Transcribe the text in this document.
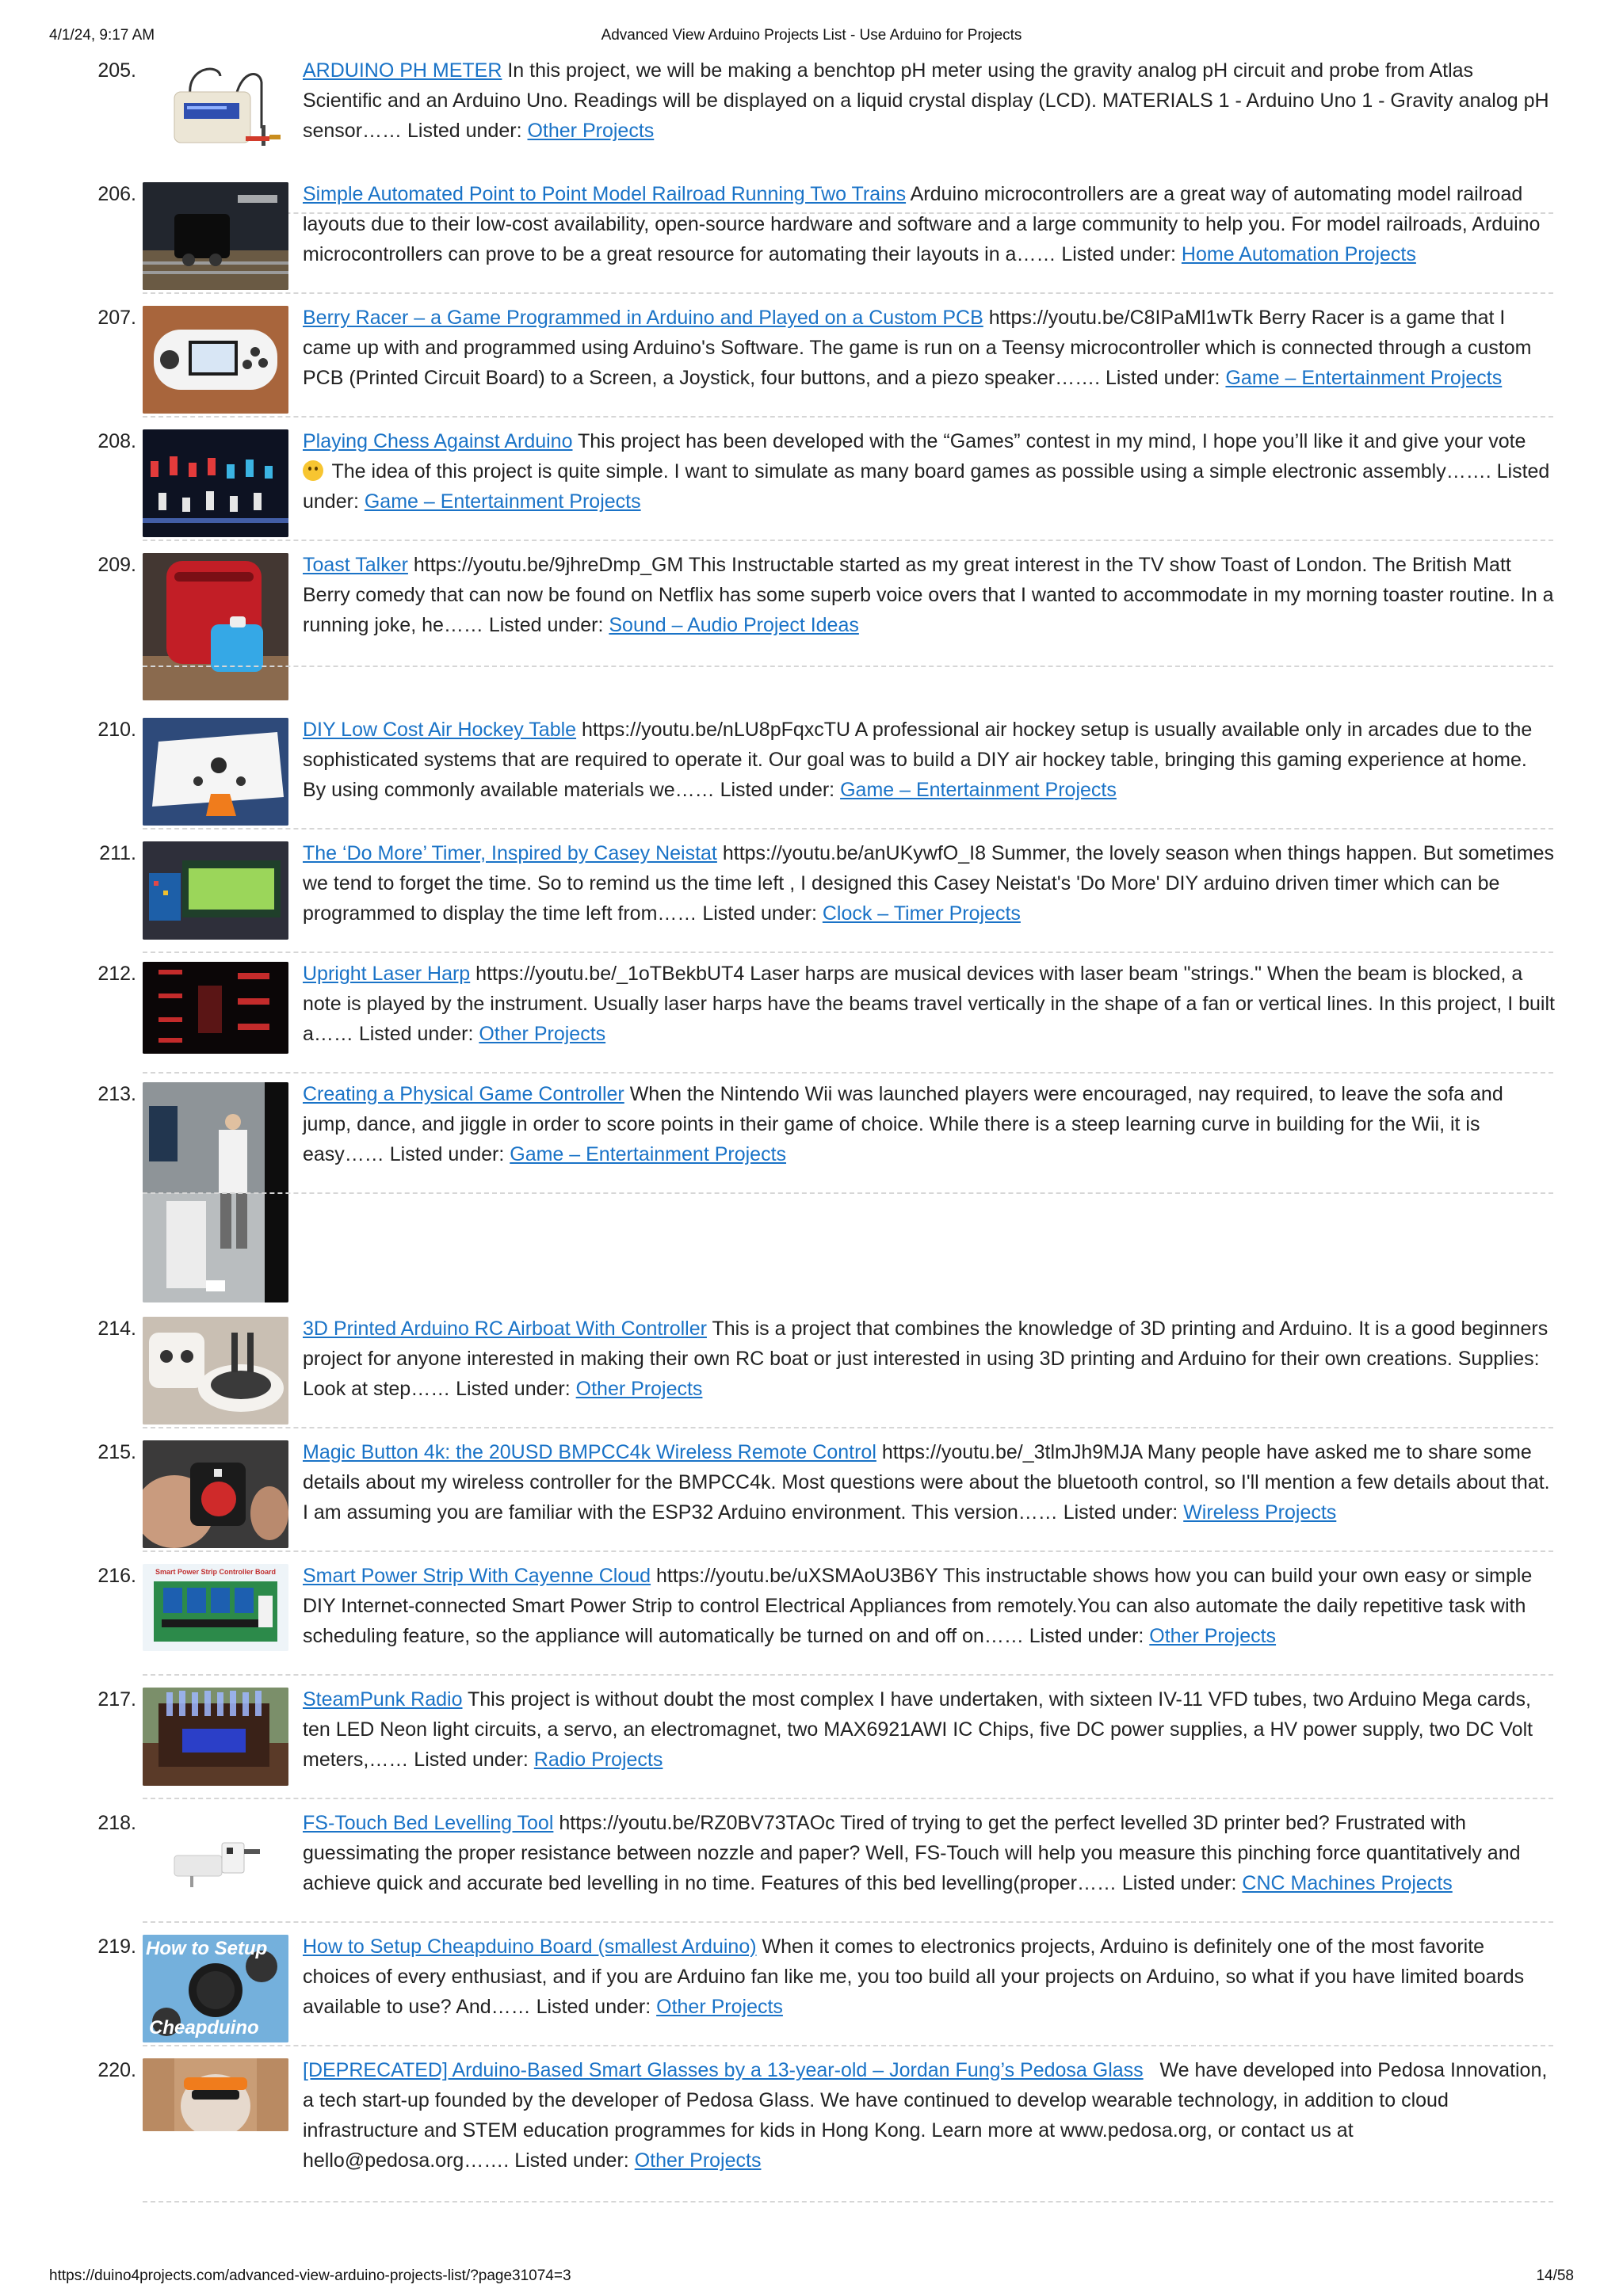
4/1/24, 9:17 AM	Advanced View Arduino Projects List - Use Arduino for Projects
205.	ARDUINO PH METER In this project, we will be making a benchtop pH meter using the gravity analog pH circuit and probe from Atlas Scientific and an Arduino Uno. Readings will be displayed on a liquid crystal display (LCD). MATERIALS 1 - Arduino Uno 1 - Gravity analog pH sensor…… Listed under: Other Projects
206.	Simple Automated Point to Point Model Railroad Running Two Trains Arduino microcontrollers are a great way of automating model railroad layouts due to their low-cost availability, open-source hardware and software and a large community to help you. For model railroads, Arduino microcontrollers can prove to be a great resource for automating their layouts in a…… Listed under: Home Automation Projects
207.	Berry Racer – a Game Programmed in Arduino and Played on a Custom PCB https://youtu.be/C8IPaMl1wTk Berry Racer is a game that I came up with and programmed using Arduino's Software. The game is run on a Teensy microcontroller which is connected through a custom PCB (Printed Circuit Board) to a Screen, a Joystick, four buttons, and a piezo speaker……. Listed under: Game – Entertainment Projects
208.	Playing Chess Against Arduino This project has been developed with the “Games” contest in my mind, I hope you’ll like it and give your vote
The idea of this project is quite simple. I want to simulate as many board games as possible using a simple electronic assembly……. Listed under: Game – Entertainment Projects
209.	Toast Talker https://youtu.be/9jhreDmp_GM This Instructable started as my great interest in the TV show Toast of London. The British Matt Berry comedy that can now be found on Netflix has some superb voice overs that I wanted to accommodate in my morning toaster routine. In a running joke, he…… Listed under: Sound – Audio Project Ideas
210.	DIY Low Cost Air Hockey Table https://youtu.be/nLU8pFqxcTU A professional air hockey setup is usually available only in arcades due to the sophisticated systems that are required to operate it. Our goal was to build a DIY air hockey table, bringing this gaming experience at home. By using commonly available materials we…… Listed under: Game – Entertainment Projects
211.	The ‘Do More’ Timer, Inspired by Casey Neistat https://youtu.be/anUKywfO_I8 Summer, the lovely season when things happen. But sometimes we tend to forget the time. So to remind us the time left , I designed this Casey Neistat's 'Do More' DIY arduino driven timer which can be programmed to display the time left from…… Listed under: Clock – Timer Projects
212.	Upright Laser Harp https://youtu.be/_1oTBekbUT4 Laser harps are musical devices with laser beam "strings." When the beam is blocked, a note is played by the instrument. Usually laser harps have the beams travel vertically in the shape of a fan or vertical lines. In this project, I built a…… Listed under: Other Projects
213.	Creating a Physical Game Controller When the Nintendo Wii was launched players were encouraged, nay required, to leave the sofa and jump, dance, and jiggle in order to score points in their game of choice. While there is a steep learning curve in building for the Wii, it is easy…… Listed under: Game – Entertainment Projects
214.	3D Printed Arduino RC Airboat With Controller This is a project that combines the knowledge of 3D printing and Arduino. It is a good beginners project for anyone interested in making their own RC boat or just interested in using 3D printing and Arduino for their own creations. Supplies: Look at step…… Listed under: Other Projects
215.	Magic Button 4k: the 20USD BMPCC4k Wireless Remote Control https://youtu.be/_3tlmJh9MJA Many people have asked me to share some details about my wireless controller for the BMPCC4k. Most questions were about the bluetooth control, so I'll mention a few details about that. I am assuming you are familiar with the ESP32 Arduino environment. This version…… Listed under: Wireless Projects
216.	Smart Power Strip Controller Board	Smart Power Strip With Cayenne Cloud https://youtu.be/uXSMAoU3B6Y This instructable shows how you can build your own easy or simple DIY Internet-connected Smart Power Strip to control Electrical Appliances from remotely.You can also automate the daily repetitive task with scheduling feature, so the appliance will automatically be turned on and off on…… Listed under: Other Projects
217.	SteamPunk Radio This project is without doubt the most complex I have undertaken, with sixteen IV-11 VFD tubes, two Arduino Mega cards, ten LED Neon light circuits, a servo, an electromagnet, two MAX6921AWI IC Chips, five DC power supplies, a HV power supply, two DC Volt meters,…… Listed under: Radio Projects
218.	FS-Touch Bed Levelling Tool https://youtu.be/RZ0BV73TAOc Tired of trying to get the perfect levelled 3D printer bed? Frustrated with guessimating the proper resistance between nozzle and paper? Well, FS-Touch will help you measure this pinching force quantitatively and achieve quick and accurate bed levelling in no time. Features of this bed levelling(proper…… Listed under: CNC Machines Projects
219. How to Setup
Cheapduino
How to Setup Cheapduino Board (smallest Arduino) When it comes to electronics projects, Arduino is definitely one of the most favorite choices of every enthusiast, and if you are Arduino fan like me, you too build all your projects on Arduino, so what if you have limited boards available to use? And…… Listed under: Other Projects
220.	[DEPRECATED] Arduino-Based Smart Glasses by a 13-year-old – Jordan Fung’s Pedosa Glass   We have developed into Pedosa Innovation, a tech start-up founded by the developer of Pedosa Glass. We have continued to develop wearable technology, in addition to cloud infrastructure and STEM education programmes for kids in Hong Kong. Learn more at www.pedosa.org, or contact us at hello@pedosa.org……. Listed under: Other Projects
https://duino4projects.com/advanced-view-arduino-projects-list/?page31074=3	14/58
